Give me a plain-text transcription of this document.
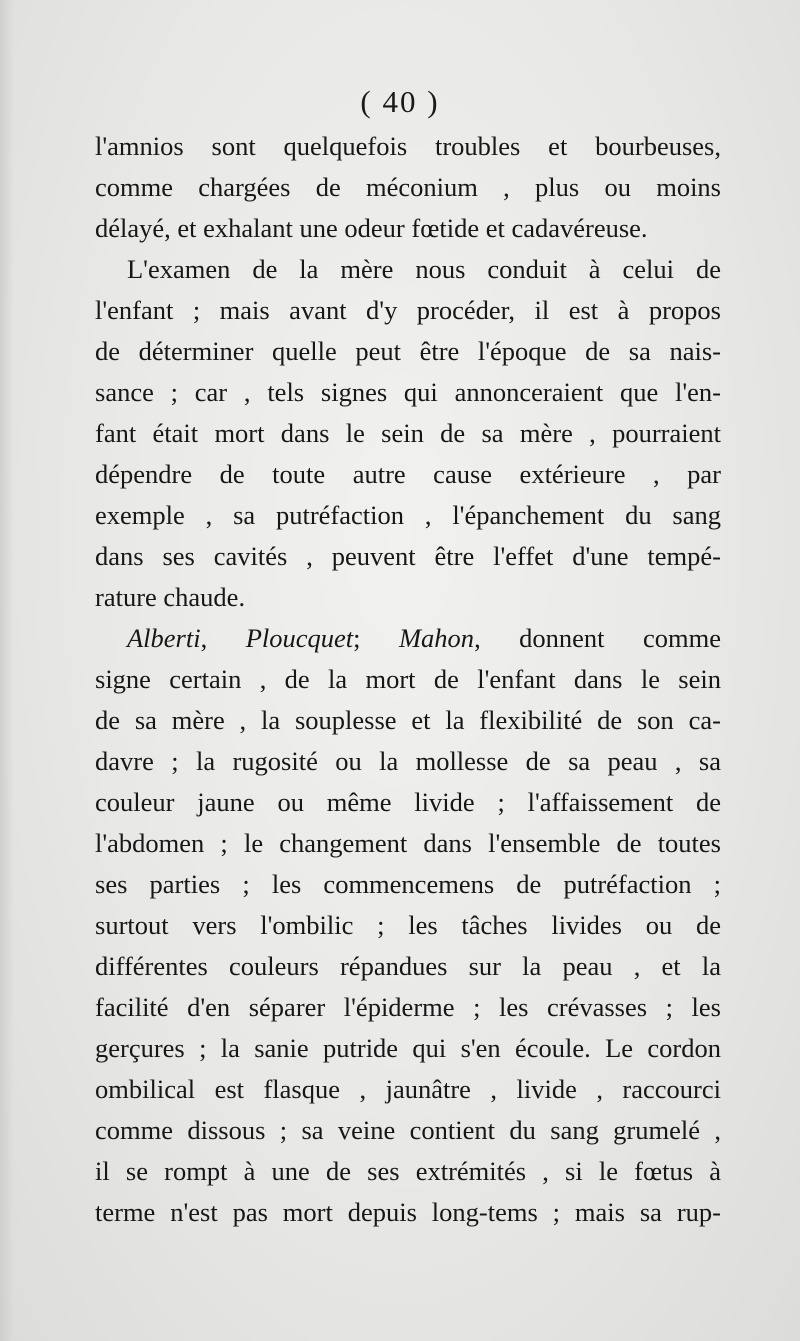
( 40 )
l'amnios sont quelquefois troubles et bourbeuses,
comme chargées de méconium , plus ou moins
délayé, et exhalant une odeur fœtide et cadavéreuse.
L'examen de la mère nous conduit à celui de
l'enfant ; mais avant d'y procéder, il est à propos
de déterminer quelle peut être l'époque de sa nais-
sance ; car , tels signes qui annonceraient que l'en-
fant était mort dans le sein de sa mère , pourraient
dépendre de toute autre cause extérieure , par
exemple , sa putréfaction , l'épanchement du sang
dans ses cavités , peuvent être l'effet d'une tempé-
rature chaude.
Alberti, Ploucquet; Mahon, donnent comme
signe certain , de la mort de l'enfant dans le sein
de sa mère , la souplesse et la flexibilité de son ca-
davre ; la rugosité ou la mollesse de sa peau , sa
couleur jaune ou même livide ; l'affaissement de
l'abdomen ; le changement dans l'ensemble de toutes
ses parties ; les commencemens de putréfaction ;
surtout vers l'ombilic ; les tâches livides ou de
différentes couleurs répandues sur la peau , et la
facilité d'en séparer l'épiderme ; les crévasses ; les
gerçures ; la sanie putride qui s'en écoule. Le cordon
ombilical est flasque , jaunâtre , livide , raccourci
comme dissous ; sa veine contient du sang grumelé ,
il se rompt à une de ses extrémités , si le fœtus à
terme n'est pas mort depuis long-tems ; mais sa rup-
